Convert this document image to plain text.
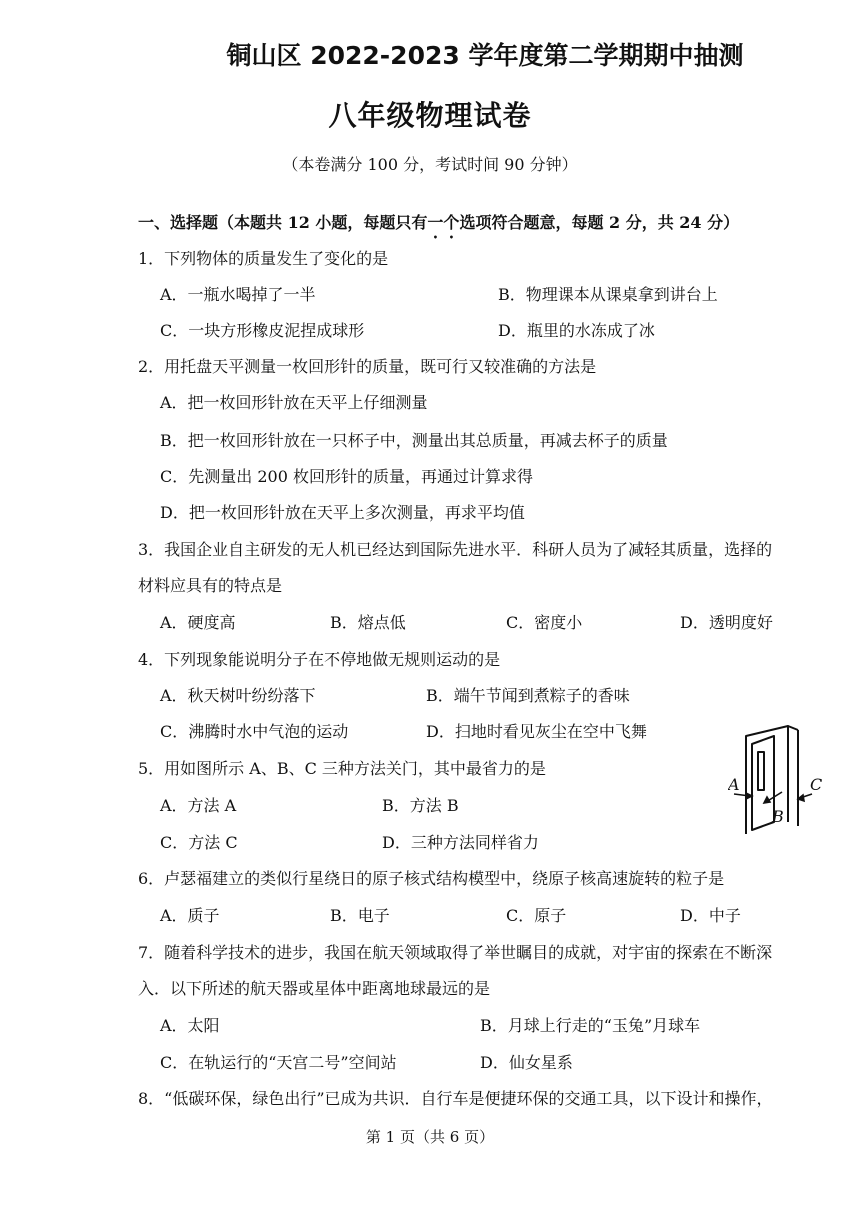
铜山区 2022-2023 学年度第二学期期中抽测
八年级物理试卷
（本卷满分 100 分，考试时间 90 分钟）
一、选择题（本题共 12 小题，每题只有一个选项符合题意，每题 2 分，共 24 分）
1．下列物体的质量发生了变化的是
A．一瓶水喝掉了一半	B．物理课本从课桌拿到讲台上
C．一块方形橡皮泥捏成球形	D．瓶里的水冻成了冰
2．用托盘天平测量一枚回形针的质量，既可行又较准确的方法是
A．把一枚回形针放在天平上仔细测量
B．把一枚回形针放在一只杯子中，测量出其总质量，再减去杯子的质量
C．先测量出 200 枚回形针的质量，再通过计算求得
D．把一枚回形针放在天平上多次测量，再求平均值
3．我国企业自主研发的无人机已经达到国际先进水平．科研人员为了减轻其质量，选择的
材料应具有的特点是
A．硬度高	B．熔点低	C．密度小	D．透明度好
4．下列现象能说明分子在不停地做无规则运动的是
A．秋天树叶纷纷落下	B．端午节闻到煮粽子的香味
C．沸腾时水中气泡的运动	D．扫地时看见灰尘在空中飞舞
5．用如图所示 A、B、C 三种方法关门，其中最省力的是
A．方法 A	B．方法 B
C．方法 C	D．三种方法同样省力
A
B
C
6．卢瑟福建立的类似行星绕日的原子核式结构模型中，绕原子核高速旋转的粒子是
A．质子	B．电子	C．原子	D．中子
7．随着科学技术的进步，我国在航天领域取得了举世瞩目的成就，对宇宙的探索在不断深
入．以下所述的航天器或星体中距离地球最远的是
A．太阳	B．月球上行走的“玉兔”月球车
C．在轨运行的“天宫二号”空间站	D．仙女星系
8．“低碳环保，绿色出行”已成为共识．自行车是便捷环保的交通工具，以下设计和操作，
第 1 页（共 6 页）
